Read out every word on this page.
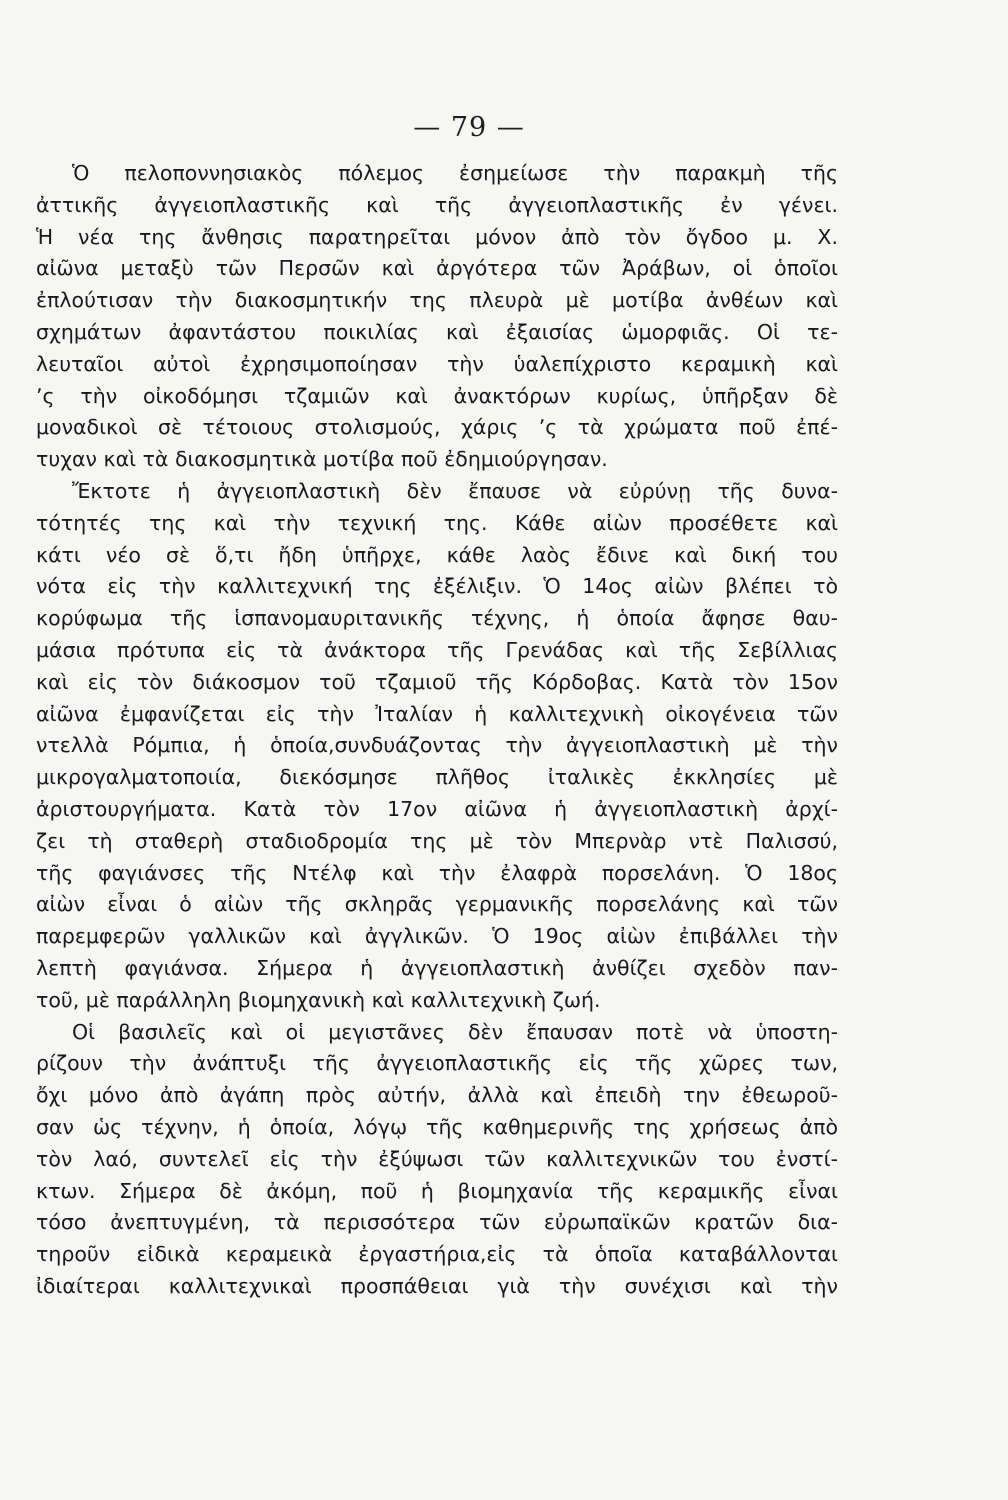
— 79 —
Ὁ πελοποννησιακὸς πόλεμος ἐσημείωσε τὴν παρακμὴ τῆς
ἀττικῆς ἀγγειοπλαστικῆς καὶ τῆς ἀγγειοπλαστικῆς ἐν γένει.
Ἡ νέα της ἄνθησις παρατηρεῖται μόνον ἀπὸ τὸν ὄγδοο μ. Χ.
αἰῶνα μεταξὺ τῶν Περσῶν καὶ ἀργότερα τῶν Ἀράβων, οἱ ὁποῖοι
ἐπλούτισαν τὴν διακοσμητικήν της πλευρὰ μὲ μοτίβα ἀνθέων καὶ
σχημάτων ἀφαντάστου ποικιλίας καὶ ἐξαισίας ὡμορφιᾶς. Οἱ τε-
λευταῖοι αὐτοὶ ἐχρησιμοποίησαν τὴν ὑαλεπίχριστο κεραμικὴ καὶ
ʼς τὴν οἰκοδόμησι τζαμιῶν καὶ ἀνακτόρων κυρίως, ὑπῆρξαν δὲ
μοναδικοὶ σὲ τέτοιους στολισμούς, χάρις ʼς τὰ χρώματα ποῦ ἐπέ-
τυχαν καὶ τὰ διακοσμητικὰ μοτίβα ποῦ ἐδημιούργησαν.
Ἔκτοτε ἡ ἀγγειοπλαστικὴ δὲν ἔπαυσε νὰ εὐρύνῃ τῆς δυνα-
τότητές της καὶ τὴν τεχνική της. Κάθε αἰὼν προσέθετε καὶ
κάτι νέο σὲ ὅ,τι ἤδη ὑπῆρχε, κάθε λαὸς ἔδινε καὶ δική του
νότα εἰς τὴν καλλιτεχνική της ἐξέλιξιν. Ὁ 14ος αἰὼν βλέπει τὸ
κορύφωμα τῆς ἱσπανομαυριτανικῆς τέχνης, ἡ ὁποία ἄφησε θαυ-
μάσια πρότυπα εἰς τὰ ἀνάκτορα τῆς Γρενάδας καὶ τῆς Σεβίλλιας
καὶ εἰς τὸν διάκοσμον τοῦ τζαμιοῦ τῆς Κόρδοβας. Κατὰ τὸν 15ον
αἰῶνα ἐμφανίζεται εἰς τὴν Ἰταλίαν ἡ καλλιτεχνικὴ οἰκογένεια τῶν
ντελλὰ Ρόμπια, ἡ ὁποία,συνδυάζοντας τὴν ἀγγειοπλαστικὴ μὲ τὴν
μικρογαλματοποιία, διεκόσμησε πλῆθος ἰταλικὲς ἐκκλησίες μὲ
ἀριστουργήματα. Κατὰ τὸν 17ον αἰῶνα ἡ ἀγγειοπλαστικὴ ἀρχί-
ζει τὴ σταθερὴ σταδιοδρομία της μὲ τὸν Μπερνὰρ ντὲ Παλισσύ,
τῆς φαγιάνσες τῆς Ντέλφ καὶ τὴν ἐλαφρὰ πορσελάνη. Ὁ 18ος
αἰὼν εἶναι ὁ αἰὼν τῆς σκληρᾶς γερμανικῆς πορσελάνης καὶ τῶν
παρεμφερῶν γαλλικῶν καὶ ἀγγλικῶν. Ὁ 19ος αἰὼν ἐπιβάλλει τὴν
λεπτὴ φαγιάνσα. Σήμερα ἡ ἀγγειοπλαστικὴ ἀνθίζει σχεδὸν παν-
τοῦ, μὲ παράλληλη βιομηχανικὴ καὶ καλλιτεχνικὴ ζωή.
Οἱ βασιλεῖς καὶ οἱ μεγιστᾶνες δὲν ἔπαυσαν ποτὲ νὰ ὑποστη-
ρίζουν τὴν ἀνάπτυξι τῆς ἀγγειοπλαστικῆς εἰς τῆς χῶρες των,
ὄχι μόνο ἀπὸ ἀγάπη πρὸς αὐτήν, ἀλλὰ καὶ ἐπειδὴ την ἐθεωροῦ-
σαν ὡς τέχνην, ἡ ὁποία, λόγῳ τῆς καθημερινῆς της χρήσεως ἀπὸ
τὸν λαό, συντελεῖ εἰς τὴν ἐξύψωσι τῶν καλλιτεχνικῶν του ἐνστί-
κτων. Σήμερα δὲ ἀκόμη, ποῦ ἡ βιομηχανία τῆς κεραμικῆς εἶναι
τόσο ἀνεπτυγμένη, τὰ περισσότερα τῶν εὐρωπαϊκῶν κρατῶν δια-
τηροῦν εἰδικὰ κεραμεικὰ ἐργαστήρια,εἰς τὰ ὁποῖα καταβάλλονται
ἰδιαίτεραι καλλιτεχνικαὶ προσπάθειαι γιὰ τὴν συνέχισι καὶ τὴν
